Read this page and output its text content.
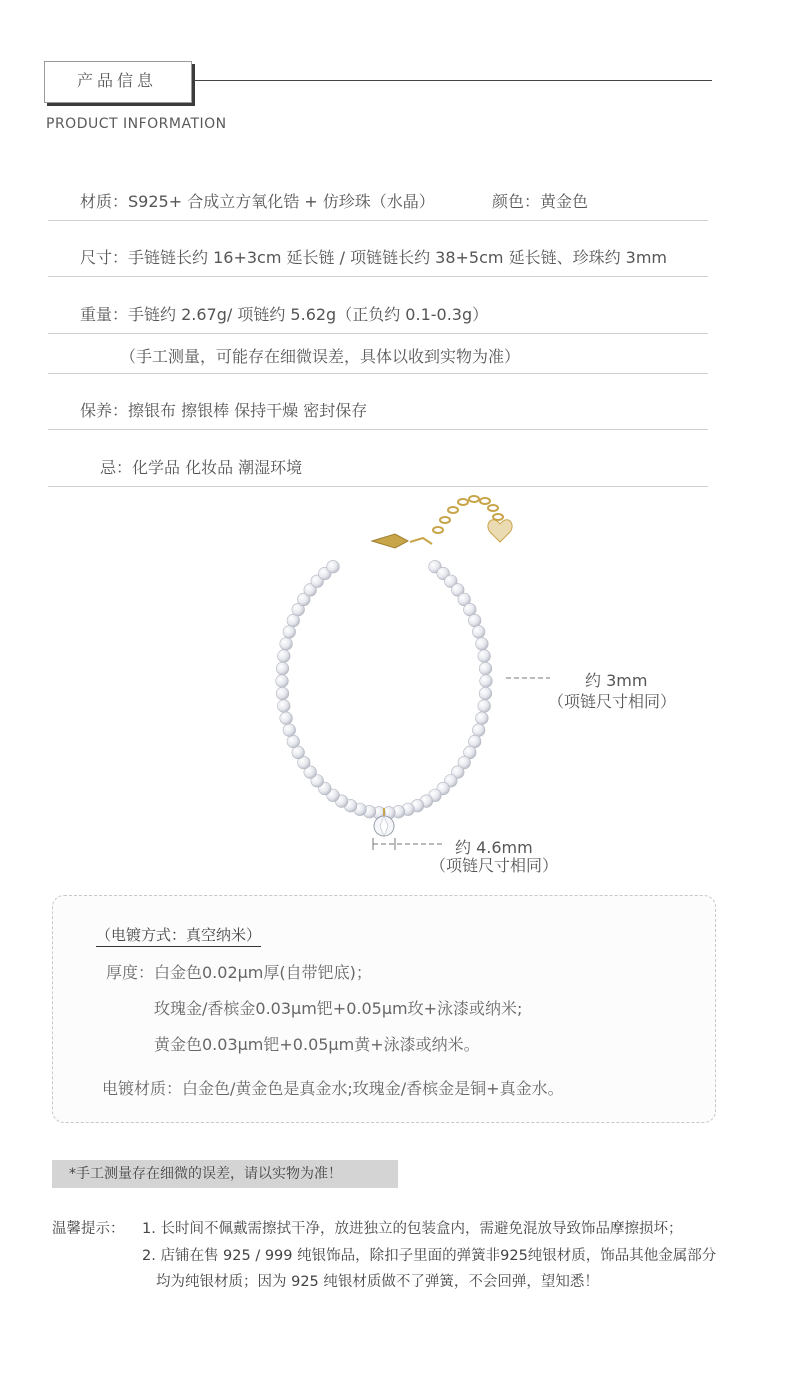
产品信息
PRODUCT INFORMATION
材质：S925+ 合成立方氧化锆 + 仿珍珠（水晶）	颜色：黄金色
尺寸：手链链长约 16+3cm 延长链 / 项链链长约 38+5cm 延长链、珍珠约 3mm
重量：手链约 2.67g/ 项链约 5.62g（正负约 0.1-0.3g）
（手工测量，可能存在细微误差，具体以收到实物为准）
保养：擦银布 擦银棒 保持干燥 密封保存
忌：化学品 化妆品 潮湿环境
约 3mm
（项链尺寸相同）
约 4.6mm
（项链尺寸相同）
（电镀方式：真空纳米）
厚度：白金色0.02μm厚(自带钯底)；
玫瑰金/香槟金0.03μm钯+0.05μm玫+泳漆或纳米;
黄金色0.03μm钯+0.05μm黄+泳漆或纳米。
电镀材质：白金色/黄金色是真金水;玫瑰金/香槟金是铜+真金水。
*手工测量存在细微的误差，请以实物为准！
温馨提示： 1. 长时间不佩戴需擦拭干净，放进独立的包装盒内，需避免混放导致饰品摩擦损坏；
2. 店铺在售 925 / 999 纯银饰品，除扣子里面的弹簧非925纯银材质，饰品其他金属部分
均为纯银材质；因为 925 纯银材质做不了弹簧，不会回弹，望知悉！
